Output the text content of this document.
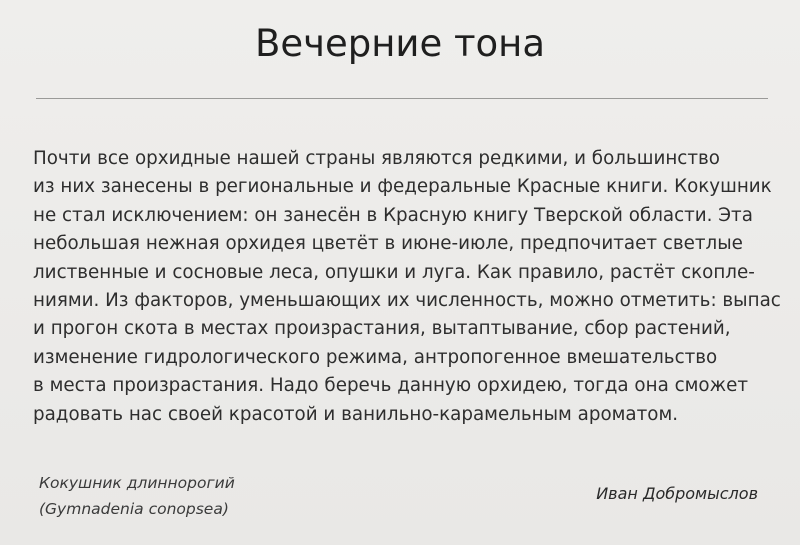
Вечерние тона
Почти все орхидные нашей страны являются редкими, и большинство
из них занесены в региональные и федеральные Красные книги. Кокушник
не стал исключением: он занесён в Красную книгу Тверской области. Эта
небольшая нежная орхидея цветёт в июне-июле, предпочитает светлые
лиственные и сосновые леса, опушки и луга. Как правило, растёт скопле-
ниями. Из факторов, уменьшающих их численность, можно отметить: выпас
и прогон скота в местах произрастания, вытаптывание, сбор растений,
изменение гидрологического режима, антропогенное вмешательство
в места произрастания. Надо беречь данную орхидею, тогда она сможет
радовать нас своей красотой и ванильно-карамельным ароматом.
Кокушник длиннорогий
(Gymnadenia conopsea)
Иван Добромыслов
